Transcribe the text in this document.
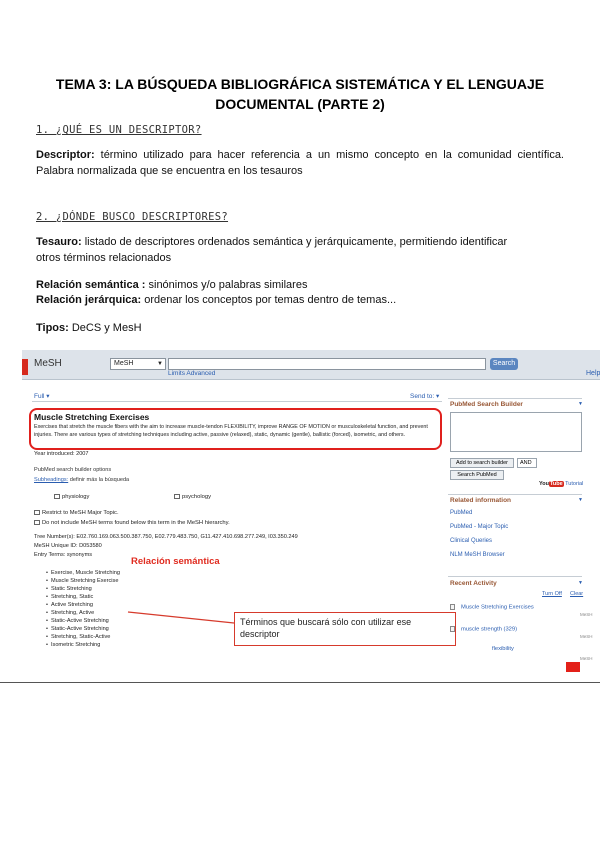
TEMA 3: LA BÚSQUEDA BIBLIOGRÁFICA SISTEMÁTICA Y EL LENGUAJE
DOCUMENTAL (PARTE 2)
1. ¿QUÉ ES UN DESCRIPTOR?
Descriptor: término utilizado para hacer referencia a un mismo concepto en la comunidad científica. Palabra normalizada que se encuentra en los tesauros
2. ¿DÓNDE BUSCO DESCRIPTORES?
Tesauro: listado de descriptores ordenados semántica y jerárquicamente, permitiendo identificar otros términos relacionados
Relación semántica : sinónimos y/o palabras similares
Relación jerárquica: ordenar los conceptos por temas dentro de temas...
Tipos: DeCS y MesH
MeSH	MeSH	▼	Search
Help
Limits Advanced
Full ▾	Send to: ▾
Muscle Stretching Exercises
Exercises that stretch the muscle fibers with the aim to increase muscle-tendon FLEXIBILITY, improve RANGE OF MOTION or musculoskeletal function, and prevent injuries. There are various types of stretching techniques including active, passive (relaxed), static, dynamic (gentle), ballistic (forced), isometric, and others.
Year introduced: 2007
PubMed search builder options
Subheadings: definir más la búsqueda
physiology	psychology
Restrict to MeSH Major Topic.
Do not include MeSH terms found below this term in the MeSH hierarchy.
Tree Number(s): E02.760.169.063.500.387.750, E02.779.483.750, G11.427.410.698.277.249, I03.350.249
MeSH Unique ID: D053580
Entry Terms: synonyms
Relación semántica
• Exercise, Muscle Stretching
• Muscle Stretching Exercise
• Static Stretching
• Stretching, Static
• Active Stretching
• Stretching, Active
• Static-Active Stretching
• Static-Active Stretching
• Stretching, Static-Active
• Isometric Stretching
Términos que buscará sólo con utilizar ese descriptor
PubMed Search Builder	▼
Add to search builder	AND
Search PubMed
YouTube Tutorial
Related information	▼
PubMed
PubMed - Major Topic
Clinical Queries
NLM MeSH Browser
Recent Activity	▼
Turn Off Clear
Muscle Stretching Exercises
MeSH
muscle strength (329)
MeSH
flexibility
MeSH
